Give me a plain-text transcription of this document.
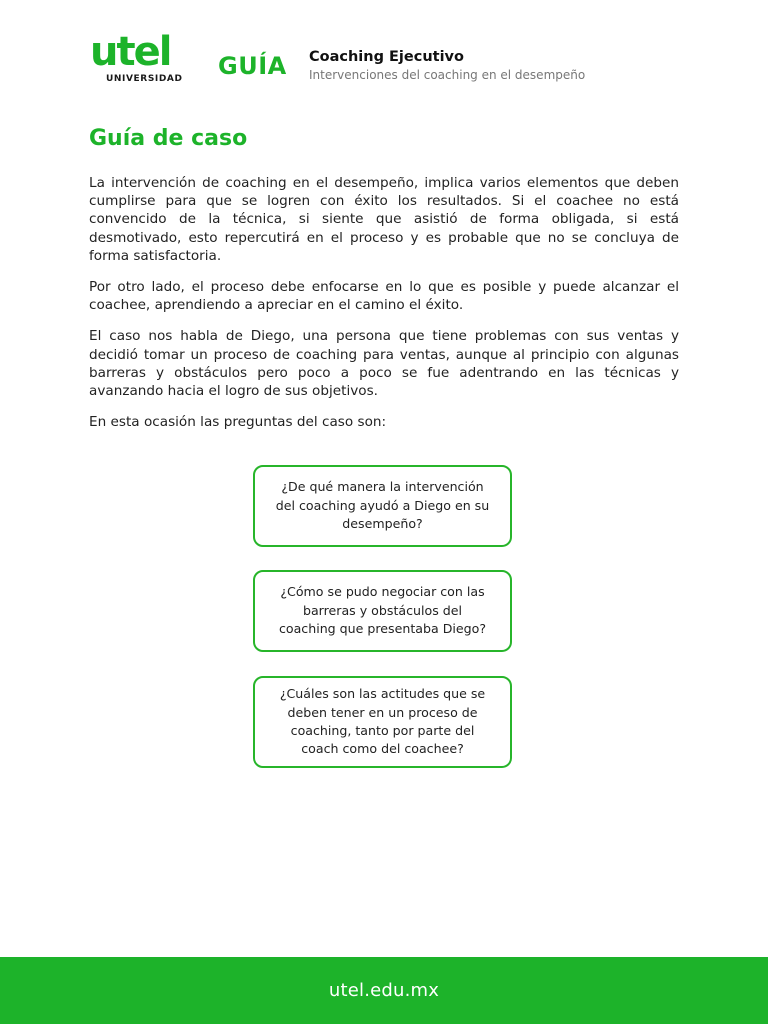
utel
UNIVERSIDAD GUÍA Coaching Ejecutivo
Intervenciones del coaching en el desempeño
Guía de caso

La intervención de coaching en el desempeño, implica varios elementos que deben cumplirse para que se logren con éxito los resultados. Si el coachee no está convencido de la técnica, si siente que asistió de forma obligada, si está desmotivado, esto repercutirá en el proceso y es probable que no se concluya de forma satisfactoria.

Por otro lado, el proceso debe enfocarse en lo que es posible y puede alcanzar el coachee, aprendiendo a apreciar en el camino el éxito.

El caso nos habla de Diego, una persona que tiene problemas con sus ventas y decidió tomar un proceso de coaching para ventas, aunque al principio con algunas barreras y obstáculos pero poco a poco se fue adentrando en las técnicas y avanzando hacia el logro de sus objetivos.

En esta ocasión las preguntas del caso son:

¿De qué manera la intervención del coaching ayudó a Diego en su desempeño?
¿Cómo se pudo negociar con las barreras y obstáculos del coaching que presentaba Diego?
¿Cuáles son las actitudes que se deben tener en un proceso de coaching, tanto por parte del coach como del coachee?
utel.edu.mx
